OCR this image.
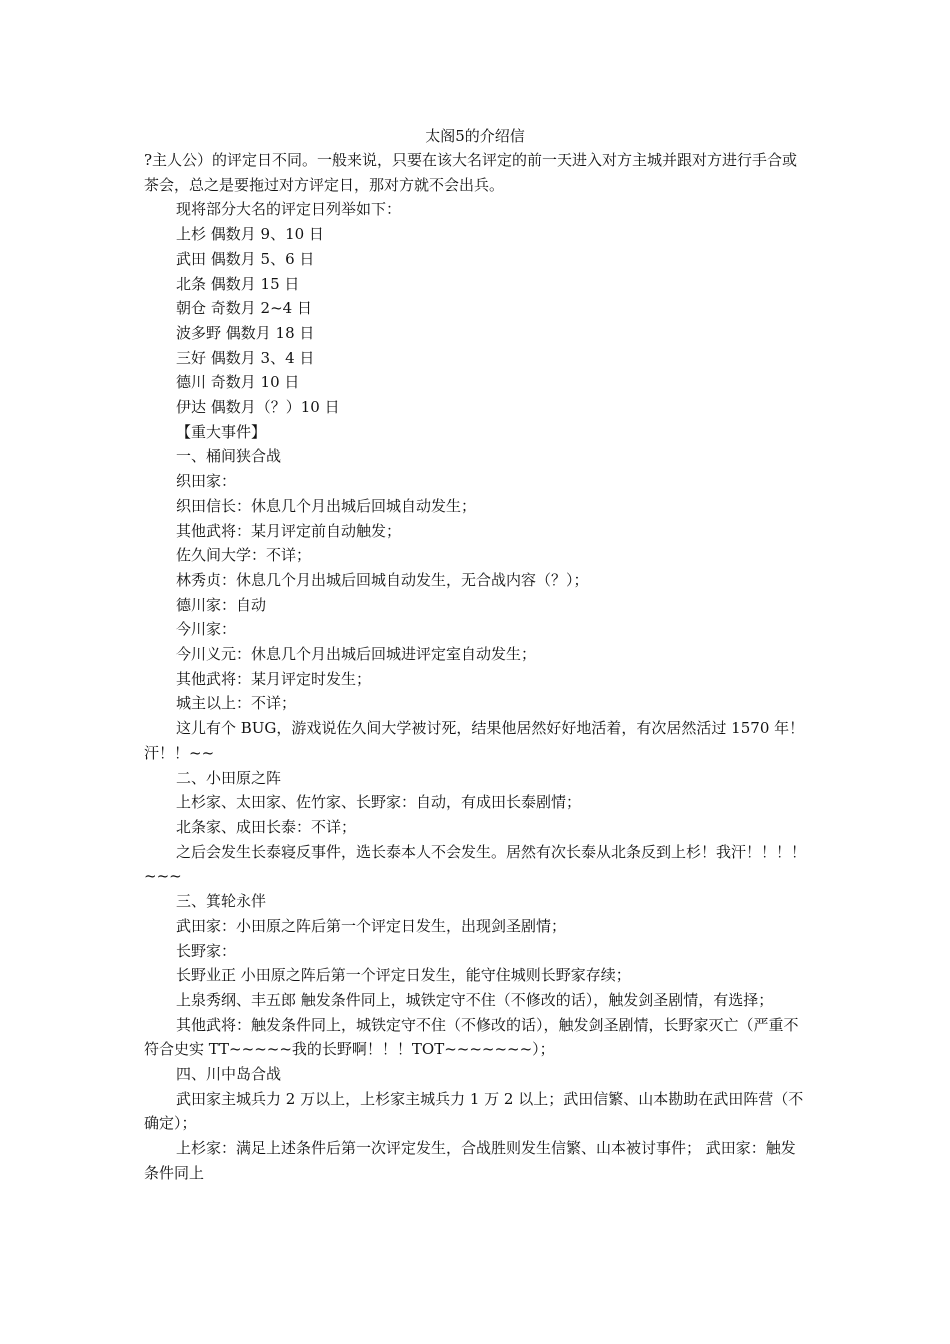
太阁5的介绍信

?主人公）的评定日不同。一般来说，只要在该大名评定的前一天进入对方主城并跟对方进行手合或茶会，总之是要拖过对方评定日，那对方就不会出兵。

现将部分大名的评定日列举如下：

上杉 偶数月 9、10 日

武田 偶数月 5、6 日

北条 偶数月 15 日

朝仓 奇数月 2~4 日

波多野 偶数月 18 日

三好 偶数月 3、4 日

德川 奇数月 10 日

伊达 偶数月（？）10 日

【重大事件】

一、桶间狭合战

织田家：

织田信长：休息几个月出城后回城自动发生；

其他武将：某月评定前自动触发；

佐久间大学：不详；

林秀贞：休息几个月出城后回城自动发生，无合战内容（？）；

德川家：自动

今川家：

今川义元：休息几个月出城后回城进评定室自动发生；

其他武将：某月评定时发生；

城主以上：不详；

这儿有个 BUG，游戏说佐久间大学被讨死，结果他居然好好地活着，有次居然活过 1570 年！汗！！~~

二、小田原之阵

上杉家、太田家、佐竹家、长野家：自动，有成田长泰剧情；

北条家、成田长泰：不详；

之后会发生长泰寝反事件，选长泰本人不会发生。居然有次长泰从北条反到上杉！我汗！！！！~~~

三、箕轮永伴

武田家：小田原之阵后第一个评定日发生，出现剑圣剧情；

长野家：

长野业正 小田原之阵后第一个评定日发生，能守住城则长野家存续；

上泉秀纲、丰五郎 触发条件同上，城铁定守不住（不修改的话），触发剑圣剧情，有选择；

其他武将：触发条件同上，城铁定守不住（不修改的话），触发剑圣剧情，长野家灭亡（严重不符合史实 TT~~~~~我的长野啊！！！TOT~~~~~~~）；

四、川中岛合战

武田家主城兵力 2 万以上，上杉家主城兵力 1 万 2 以上；武田信繁、山本勘助在武田阵营（不确定）；

上杉家：满足上述条件后第一次评定发生，合战胜则发生信繁、山本被讨事件； 武田家：触发条件同上
